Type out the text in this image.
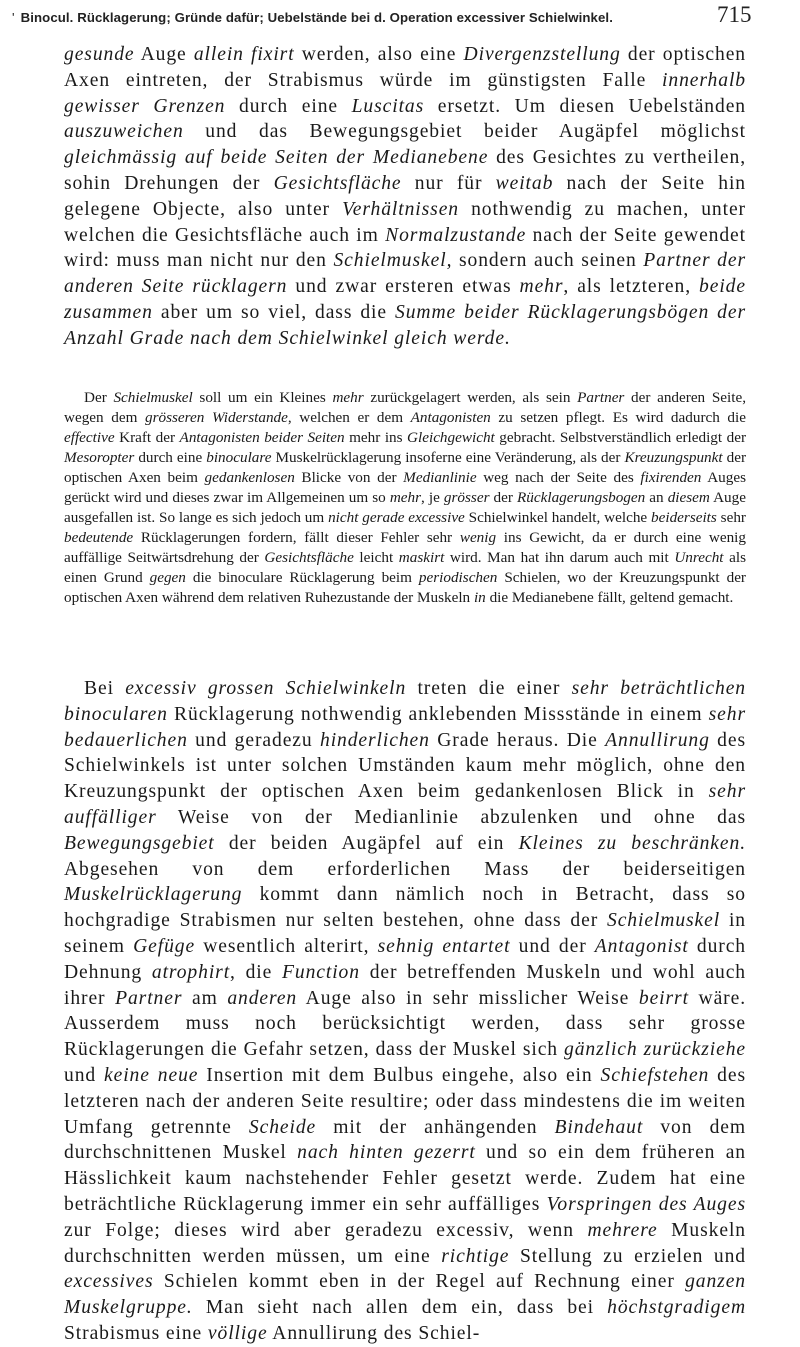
' Binocul. Rücklagerung; Gründe dafür; Uebelstände bei d. Operation excessiver Schielwinkel.	715

gesunde Auge allein fixirt werden, also eine Divergenzstellung der optischen Axen eintreten, der Strabismus würde im günstigsten Falle innerhalb gewisser Grenzen durch eine Luscitas ersetzt. Um diesen Uebelständen auszuweichen und das Bewegungsgebiet beider Augäpfel möglichst gleichmässig auf beide Seiten der Medianebene des Gesichtes zu vertheilen, sohin Drehungen der Gesichtsfläche nur für weitab nach der Seite hin gelegene Objecte, also unter Verhältnissen nothwendig zu machen, unter welchen die Gesichtsfläche auch im Normalzustande nach der Seite gewendet wird: muss man nicht nur den Schielmuskel, sondern auch seinen Partner der anderen Seite rücklagern und zwar ersteren etwas mehr, als letzteren, beide zusammen aber um so viel, dass die Summe beider Rücklagerungsbögen der Anzahl Grade nach dem Schielwinkel gleich werde.

Der Schielmuskel soll um ein Kleines mehr zurückgelagert werden, als sein Partner der anderen Seite, wegen dem grösseren Widerstande, welchen er dem Antagonisten zu setzen pflegt. Es wird dadurch die effective Kraft der Antagonisten beider Seiten mehr ins Gleichgewicht gebracht. Selbstverständlich erledigt der Mesoropter durch eine binoculare Muskelrücklagerung insoferne eine Veränderung, als der Kreuzungspunkt der optischen Axen beim gedankenlosen Blicke von der Medianlinie weg nach der Seite des fixirenden Auges gerückt wird und dieses zwar im Allgemeinen um so mehr, je grösser der Rücklagerungsbogen an diesem Auge ausgefallen ist. So lange es sich jedoch um nicht gerade excessive Schielwinkel handelt, welche beiderseits sehr bedeutende Rücklagerungen fordern, fällt dieser Fehler sehr wenig ins Gewicht, da er durch eine wenig auffällige Seitwärtsdrehung der Gesichtsfläche leicht maskirt wird. Man hat ihn darum auch mit Unrecht als einen Grund gegen die binoculare Rücklagerung beim periodischen Schielen, wo der Kreuzungspunkt der optischen Axen während dem relativen Ruhezustande der Muskeln in die Medianebene fällt, geltend gemacht.

Bei excessiv grossen Schielwinkeln treten die einer sehr beträchtlichen binocularen Rücklagerung nothwendig anklebenden Missstände in einem sehr bedauerlichen und geradezu hinderlichen Grade heraus. Die Annullirung des Schielwinkels ist unter solchen Umständen kaum mehr möglich, ohne den Kreuzungspunkt der optischen Axen beim gedankenlosen Blick in sehr auffälliger Weise von der Medianlinie abzulenken und ohne das Bewegungsgebiet der beiden Augäpfel auf ein Kleines zu beschränken. Abgesehen von dem erforderlichen Mass der beiderseitigen Muskelrücklagerung kommt dann nämlich noch in Betracht, dass so hochgradige Strabismen nur selten bestehen, ohne dass der Schielmuskel in seinem Gefüge wesentlich alterirt, sehnig entartet und der Antagonist durch Dehnung atrophirt, die Function der betreffenden Muskeln und wohl auch ihrer Partner am anderen Auge also in sehr misslicher Weise beirrt wäre. Ausserdem muss noch berücksichtigt werden, dass sehr grosse Rücklagerungen die Gefahr setzen, dass der Muskel sich gänzlich zurückziehe und keine neue Insertion mit dem Bulbus eingehe, also ein Schiefstehen des letzteren nach der anderen Seite resultire; oder dass mindestens die im weiten Umfang getrennte Scheide mit der anhängenden Bindehaut von dem durchschnittenen Muskel nach hinten gezerrt und so ein dem früheren an Hässlichkeit kaum nachstehender Fehler gesetzt werde. Zudem hat eine beträchtliche Rücklagerung immer ein sehr auffälliges Vorspringen des Auges zur Folge; dieses wird aber geradezu excessiv, wenn mehrere Muskeln durchschnitten werden müssen, um eine richtige Stellung zu erzielen und excessives Schielen kommt eben in der Regel auf Rechnung einer ganzen Muskelgruppe. Man sieht nach allen dem ein, dass bei höchstgradigem Strabismus eine völlige Annullirung des Schiel-
